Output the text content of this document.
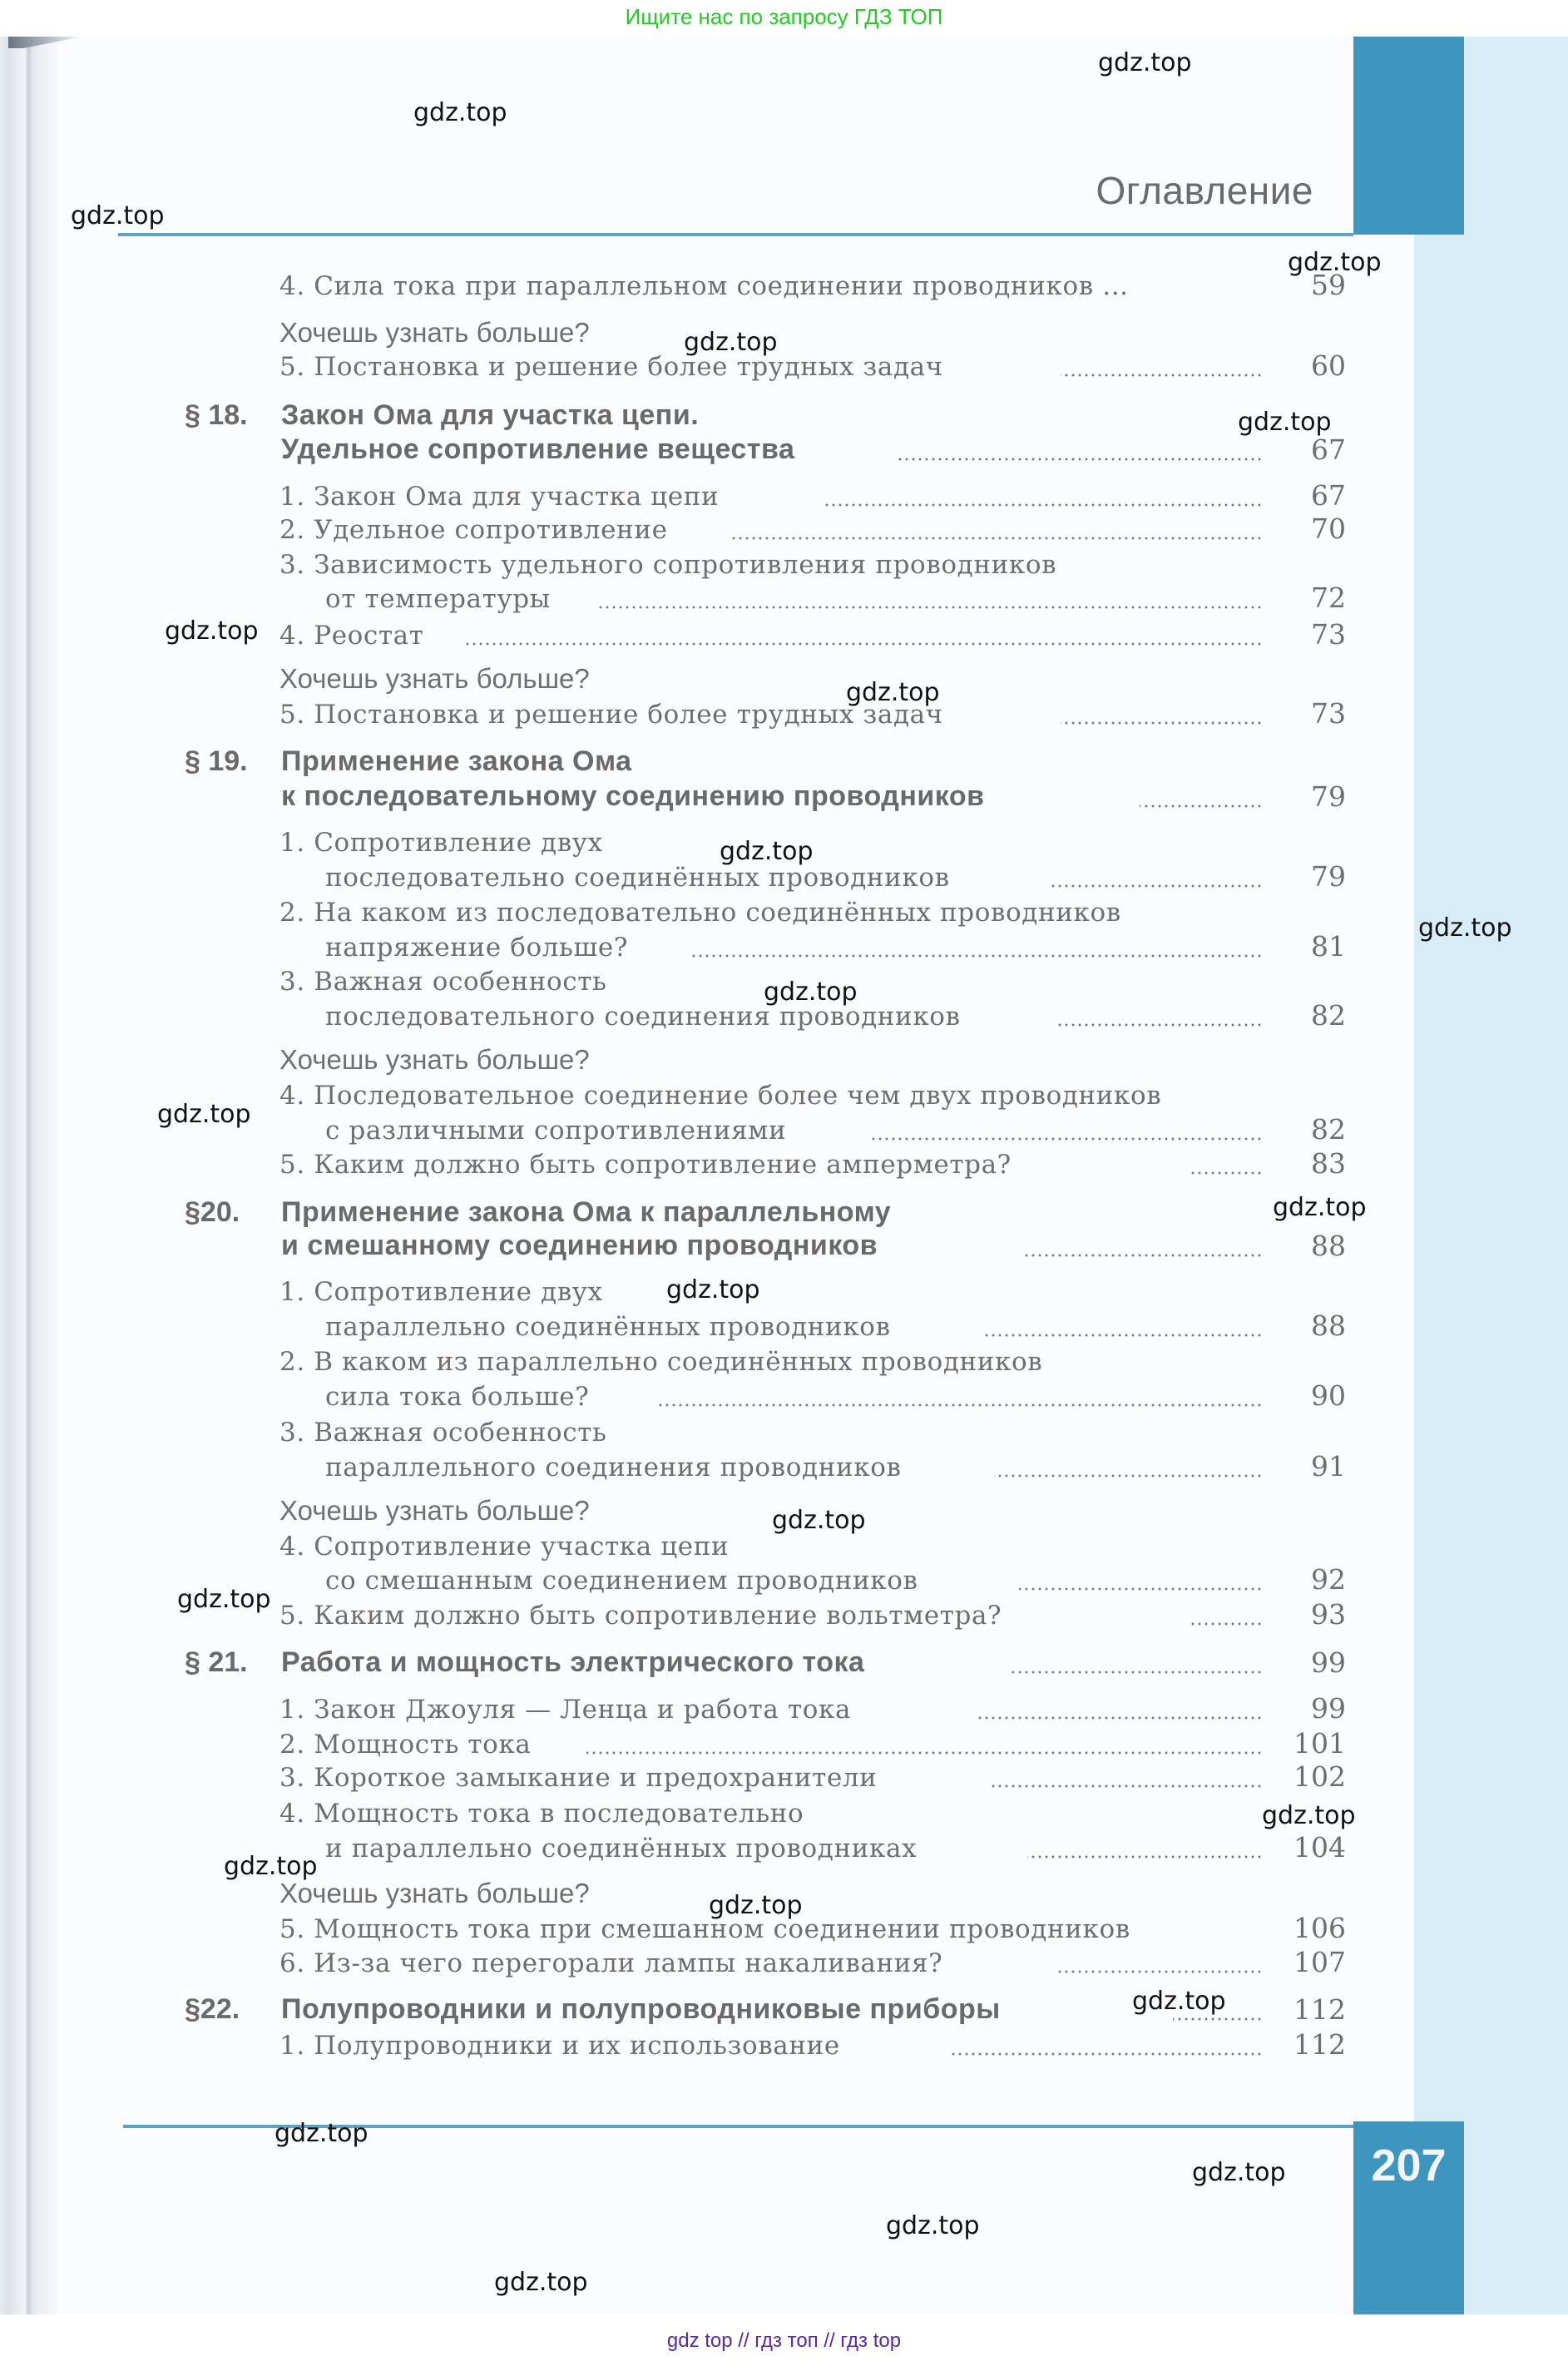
Ищите нас по запросу ГДЗ ТОП
Оглавление
207
4. Сила тока при параллельном соединении проводников ...	59
Хочешь узнать больше?
5. Постановка и решение более трудных задач	60
§ 18. Закон Ома для участка цепи.
Удельное сопротивление вещества	67
1. Закон Ома для участка цепи	67
2. Удельное сопротивление	70
3. Зависимость удельного сопротивления проводников
от температуры	72
4. Реостат	73
Хочешь узнать больше?
5. Постановка и решение более трудных задач	73
§ 19. Применение закона Ома
к последовательному соединению проводников	79
1. Сопротивление двух
последовательно соединённых проводников	79
2. На каком из последовательно соединённых проводников
напряжение больше?	81
3. Важная особенность
последовательного соединения проводников	82
Хочешь узнать больше?
4. Последовательное соединение более чем двух проводников
с различными сопротивлениями	82
5. Каким должно быть сопротивление амперметра?	83
§20. Применение закона Ома к параллельному
и смешанному соединению проводников	88
1. Сопротивление двух
параллельно соединённых проводников	88
2. В каком из параллельно соединённых проводников
сила тока больше?	90
3. Важная особенность
параллельного соединения проводников	91
Хочешь узнать больше?
4. Сопротивление участка цепи
со смешанным соединением проводников	92
5. Каким должно быть сопротивление вольтметра?	93
§ 21. Работа и мощность электрического тока	99
1. Закон Джоуля — Ленца и работа тока	99
2. Мощность тока	101
3. Короткое замыкание и предохранители	102
4. Мощность тока в последовательно
и параллельно соединённых проводниках	104
Хочешь узнать больше?
5. Мощность тока при смешанном соединении проводников	106
6. Из-за чего перегорали лампы накаливания?	107
§22. Полупроводники и полупроводниковые приборы	112
1. Полупроводники и их использование	112
gdz.top
gdz.top
gdz.top
gdz.top
gdz.top
gdz.top
gdz.top
gdz.top
gdz.top
gdz.top
gdz.top
gdz.top
gdz.top
gdz.top
gdz.top
gdz.top
gdz.top
gdz.top
gdz.top
gdz.top
gdz.top
gdz.top
gdz.top
gdz.top
gdz top // гдз топ // гдз top
